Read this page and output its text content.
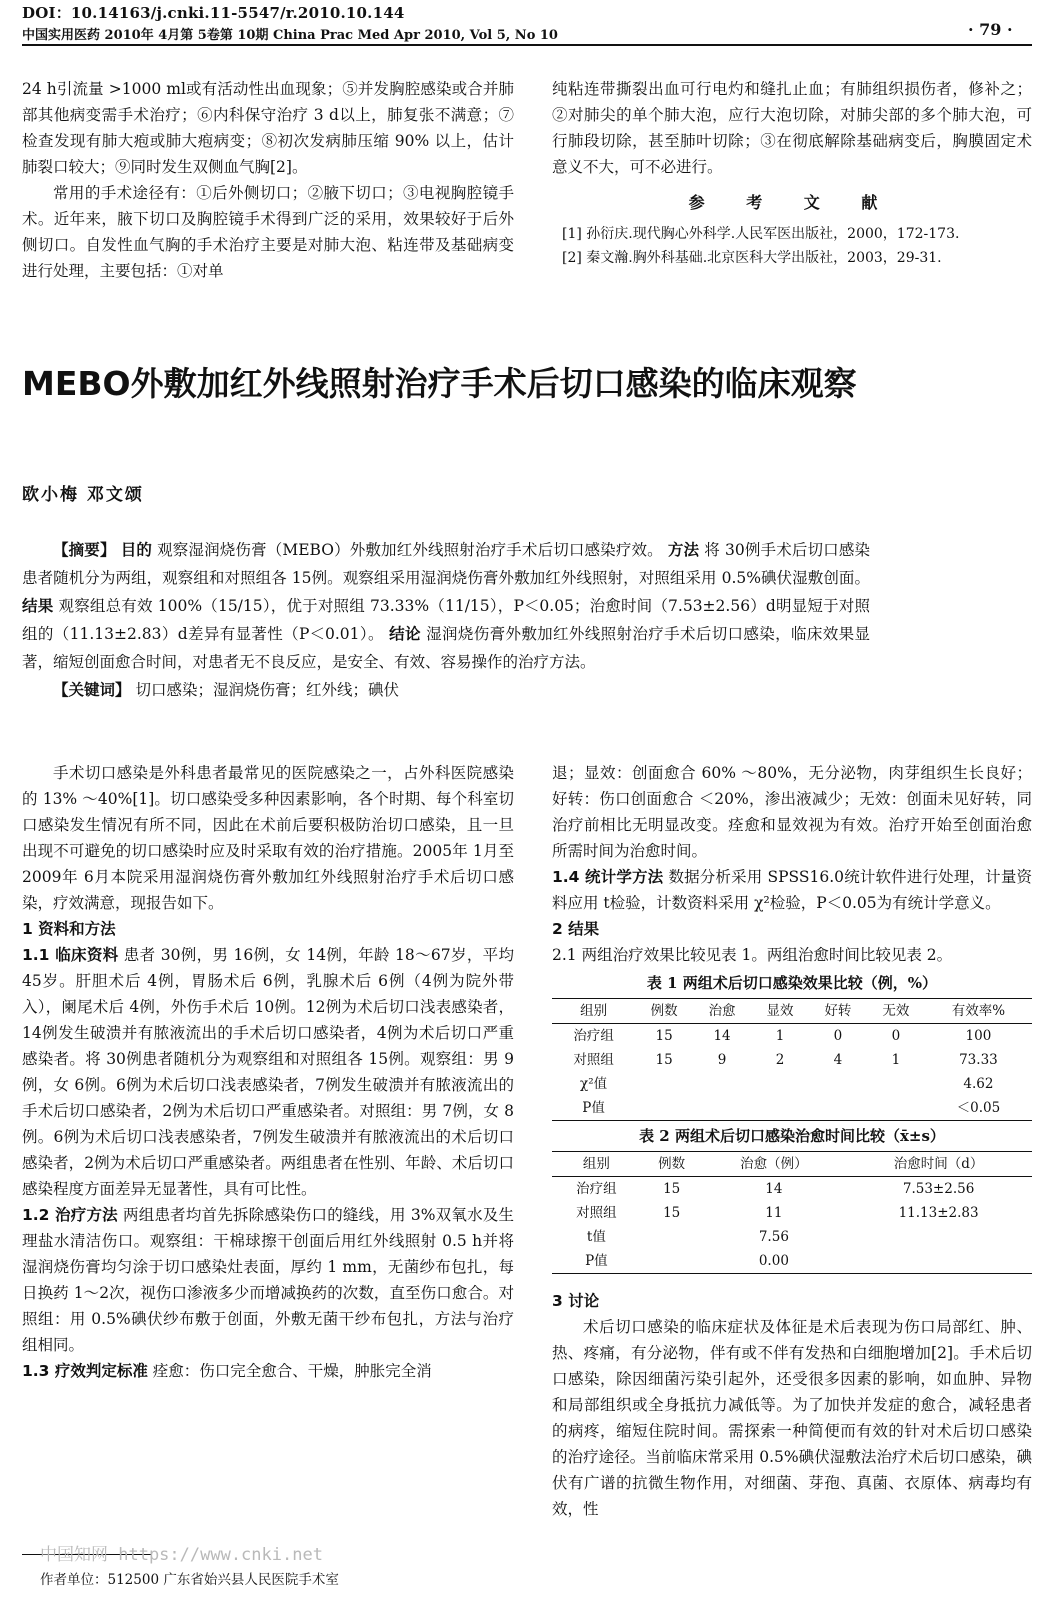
DOI：10.14163/j.cnki.11-5547/r.2010.10.144
中国实用医药 2010年 4月第 5卷第 10期 China Prac Med Apr 2010, Vol 5, No 10	· 79 ·

24 h引流量 >1000 ml或有活动性出血现象；⑤并发胸腔感染或合并肺部其他病变需手术治疗；⑥内科保守治疗 3 d以上，肺复张不满意；⑦检查发现有肺大疱或肺大疱病变；⑧初次发病肺压缩 90% 以上，估计肺裂口较大；⑨同时发生双侧血气胸[2]。

常用的手术途径有：①后外侧切口；②腋下切口；③电视胸腔镜手术。近年来，腋下切口及胸腔镜手术得到广泛的采用，效果较好于后外侧切口。自发性血气胸的手术治疗主要是对肺大泡、粘连带及基础病变进行处理，主要包括：①对单

纯粘连带撕裂出血可行电灼和缝扎止血；有肺组织损伤者，修补之；②对肺尖的单个肺大泡，应行大泡切除，对肺尖部的多个肺大泡，可行肺段切除，甚至肺叶切除；③在彻底解除基础病变后，胸膜固定术意义不大，可不必进行。

参 考 文 献

[1] 孙衍庆.现代胸心外科学.人民军医出版社，2000，172-173.

[2] 秦文瀚.胸外科基础.北京医科大学出版社，2003，29-31.

MEBO外敷加红外线照射治疗手术后切口感染的临床观察
欧小梅 邓文颂

【摘要】 目的 观察湿润烧伤膏（MEBO）外敷加红外线照射治疗手术后切口感染疗效。 方法 将 30例手术后切口感染患者随机分为两组，观察组和对照组各 15例。观察组采用湿润烧伤膏外敷加红外线照射，对照组采用 0.5%碘伏湿敷创面。 结果 观察组总有效 100%（15/15），优于对照组 73.33%（11/15），P＜0.05；治愈时间（7.53±2.56）d明显短于对照组的（11.13±2.83）d差异有显著性（P＜0.01）。 结论 湿润烧伤膏外敷加红外线照射治疗手术后切口感染，临床效果显著，缩短创面愈合时间，对患者无不良反应，是安全、有效、容易操作的治疗方法。

【关键词】 切口感染；湿润烧伤膏；红外线；碘伏

手术切口感染是外科患者最常见的医院感染之一，占外科医院感染的 13% ～40%[1]。切口感染受多种因素影响，各个时期、每个科室切口感染发生情况有所不同，因此在术前后要积极防治切口感染，且一旦出现不可避免的切口感染时应及时采取有效的治疗措施。2005年 1月至 2009年 6月本院采用湿润烧伤膏外敷加红外线照射治疗手术后切口感染，疗效满意，现报告如下。

1 资料和方法

1.1 临床资料 患者 30例，男 16例，女 14例，年龄 18～67岁，平均 45岁。肝胆术后 4例，胃肠术后 6例，乳腺术后 6例（4例为院外带入），阑尾术后 4例，外伤手术后 10例。12例为术后切口浅表感染者，14例发生破溃并有脓液流出的手术后切口感染者，4例为术后切口严重感染者。将 30例患者随机分为观察组和对照组各 15例。观察组：男 9例，女 6例。6例为术后切口浅表感染者，7例发生破溃并有脓液流出的手术后切口感染者，2例为术后切口严重感染者。对照组：男 7例，女 8例。6例为术后切口浅表感染者，7例发生破溃并有脓液流出的术后切口感染者，2例为术后切口严重感染者。两组患者在性别、年龄、术后切口感染程度方面差异无显著性，具有可比性。

1.2 治疗方法 两组患者均首先拆除感染伤口的缝线，用 3%双氧水及生理盐水清洁伤口。观察组：干棉球擦干创面后用红外线照射 0.5 h并将湿润烧伤膏均匀涂于切口感染灶表面，厚约 1 mm，无菌纱布包扎，每日换药 1～2次，视伤口渗液多少而增减换药的次数，直至伤口愈合。对照组：用 0.5%碘伏纱布敷于创面，外敷无菌干纱布包扎，方法与治疗组相同。

1.3 疗效判定标准 痊愈：伤口完全愈合、干燥，肿胀完全消

退；显效：创面愈合 60% ～80%，无分泌物，肉芽组织生长良好；好转：伤口创面愈合 ＜20%，渗出液减少；无效：创面未见好转，同治疗前相比无明显改变。痊愈和显效视为有效。治疗开始至创面治愈所需时间为治愈时间。

1.4 统计学方法 数据分析采用 SPSS16.0统计软件进行处理，计量资料应用 t检验，计数资料采用 χ²检验，P＜0.05为有统计学意义。

2 结果

2.1 两组治疗效果比较见表 1。两组治愈时间比较见表 2。

表 1 两组术后切口感染效果比较（例，%）

组别	例数	治愈	显效	好转	无效	有效率%
治疗组	15	14	1	0	0	100
对照组	15	9	2	4	1	73.33
χ²值						4.62
P值						＜0.05

表 2 两组术后切口感染治愈时间比较（x̄±s）

组别	例数	治愈（例）	治愈时间（d）
治疗组	15	14	7.53±2.56
对照组	15	11	11.13±2.83
t值		7.56	
P值		0.00	

3 讨论

术后切口感染的临床症状及体征是术后表现为伤口局部红、肿、热、疼痛，有分泌物，伴有或不伴有发热和白细胞增加[2]。手术后切口感染，除因细菌污染引起外，还受很多因素的影响，如血肿、异物和局部组织或全身抵抗力减低等。为了加快并发症的愈合，减轻患者的病疼，缩短住院时间。需探索一种简便而有效的针对术后切口感染的治疗途径。当前临床常采用 0.5%碘伏湿敷法治疗术后切口感染，碘伏有广谱的抗微生物作用，对细菌、芽孢、真菌、衣原体、病毒均有效，性

中国知网 https://www.cnki.net
作者单位：512500 广东省始兴县人民医院手术室
